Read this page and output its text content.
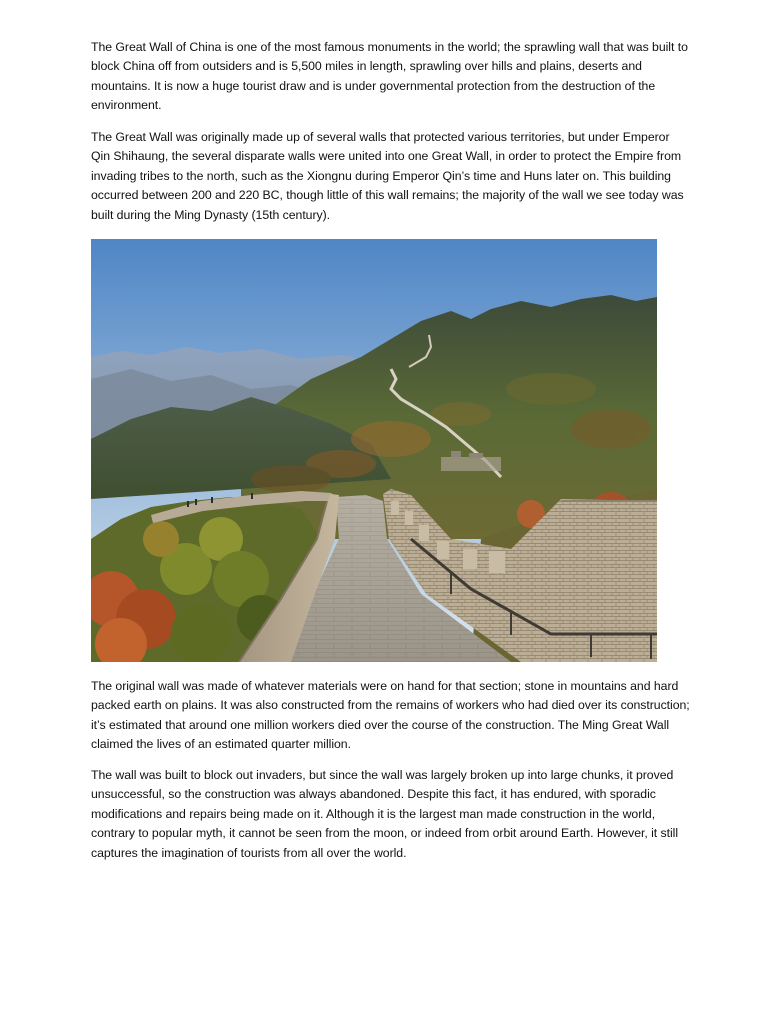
The Great Wall of China is one of the most famous monuments in the world; the sprawling wall that was built to block China off from outsiders and is 5,500 miles in length, sprawling over hills and plains, deserts and mountains. It is now a huge tourist draw and is under governmental protection from the destruction of the environment.

The Great Wall was originally made up of several walls that protected various territories, but under Emperor Qin Shihaung, the several disparate walls were united into one Great Wall, in order to protect the Empire from invading tribes to the north, such as the Xiongnu during Emperor Qin’s time and Huns later on. This building occurred between 200 and 220 BC, though little of this wall remains; the majority of the wall we see today was built during the Ming Dynasty (15th century).

The original wall was made of whatever materials were on hand for that section; stone in mountains and hard packed earth on plains. It was also constructed from the remains of workers who had died over its construction; it’s estimated that around one million workers died over the course of the construction. The Ming Great Wall claimed the lives of an estimated quarter million.

The wall was built to block out invaders, but since the wall was largely broken up into large chunks, it proved unsuccessful, so the construction was always abandoned. Despite this fact, it has endured, with sporadic modifications and repairs being made on it. Although it is the largest man made construction in the world, contrary to popular myth, it cannot be seen from the moon, or indeed from orbit around Earth. However, it still captures the imagination of tourists from all over the world.
